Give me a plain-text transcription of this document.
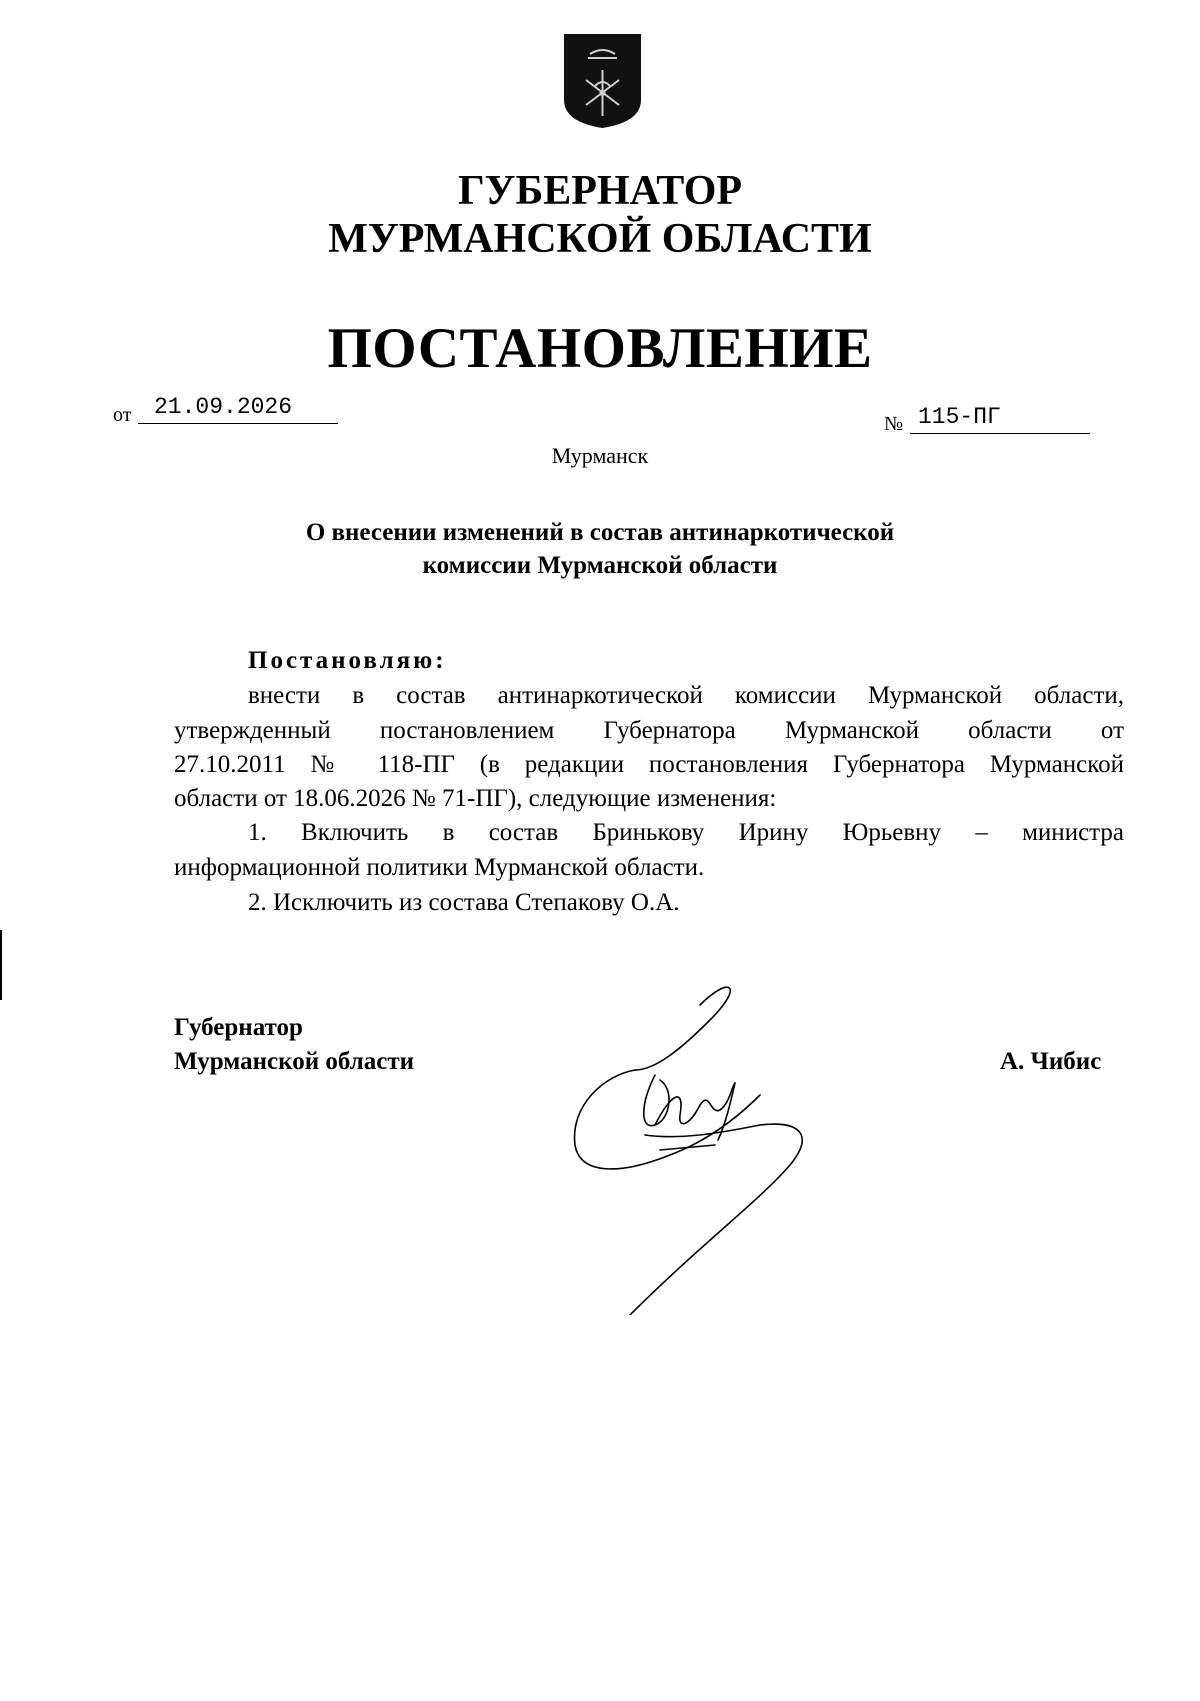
ГУБЕРНАТОР
МУРМАНСКОЙ ОБЛАСТИ
ПОСТАНОВЛЕНИЕ
от 21.09.2026
№ 115-ПГ
Мурманск
О внесении изменений в состав антинаркотической
комиссии Мурманской области
Постановляю:
внести в состав антинаркотической комиссии Мурманской области,
утвержденный постановлением Губернатора Мурманской области от
27.10.2011 № 118-ПГ (в редакции постановления Губернатора Мурманской
области от 18.06.2026 № 71-ПГ), следующие изменения:
1. Включить в состав Бринькову Ирину Юрьевну – министра
информационной политики Мурманской области.
2. Исключить из состава Степакову О.А.
Губернатор
Мурманской области	А. Чибис
